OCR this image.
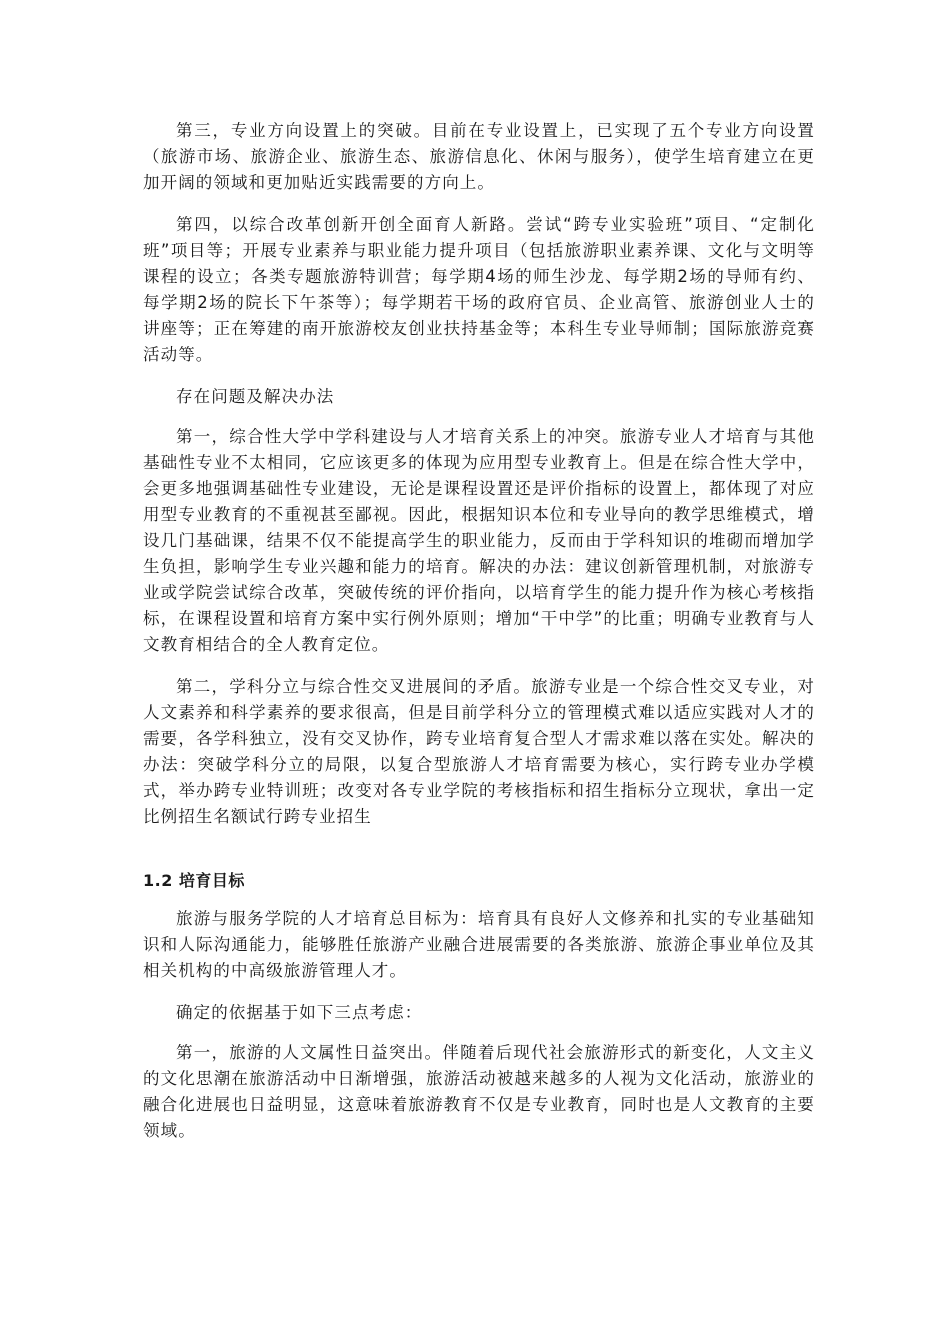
第三，专业方向设置上的突破。目前在专业设置上，已实现了五个专业方向设置（旅游市场、旅游企业、旅游生态、旅游信息化、休闲与服务），使学生培育建立在更加开阔的领域和更加贴近实践需要的方向上。

第四，以综合改革创新开创全面育人新路。尝试“跨专业实验班”项目、“定制化班”项目等；开展专业素养与职业能力提升项目（包括旅游职业素养课、文化与文明等课程的设立；各类专题旅游特训营；每学期4场的师生沙龙、每学期2场的导师有约、每学期2场的院长下午茶等）；每学期若干场的政府官员、企业高管、旅游创业人士的讲座等；正在筹建的南开旅游校友创业扶持基金等；本科生专业导师制；国际旅游竞赛活动等。

存在问题及解决办法

第一，综合性大学中学科建设与人才培育关系上的冲突。旅游专业人才培育与其他基础性专业不太相同，它应该更多的体现为应用型专业教育上。但是在综合性大学中，会更多地强调基础性专业建设，无论是课程设置还是评价指标的设置上，都体现了对应用型专业教育的不重视甚至鄙视。因此，根据知识本位和专业导向的教学思维模式，增设几门基础课，结果不仅不能提高学生的职业能力，反而由于学科知识的堆砌而增加学生负担，影响学生专业兴趣和能力的培育。解决的办法：建议创新管理机制，对旅游专业或学院尝试综合改革，突破传统的评价指向，以培育学生的能力提升作为核心考核指标，在课程设置和培育方案中实行例外原则；增加“干中学”的比重；明确专业教育与人文教育相结合的全人教育定位。

第二，学科分立与综合性交叉进展间的矛盾。旅游专业是一个综合性交叉专业，对人文素养和科学素养的要求很高，但是目前学科分立的管理模式难以适应实践对人才的需要，各学科独立，没有交叉协作，跨专业培育复合型人才需求难以落在实处。解决的办法：突破学科分立的局限，以复合型旅游人才培育需要为核心，实行跨专业办学模式，举办跨专业特训班；改变对各专业学院的考核指标和招生指标分立现状，拿出一定比例招生名额试行跨专业招生

1.2 培育目标

旅游与服务学院的人才培育总目标为：培育具有良好人文修养和扎实的专业基础知识和人际沟通能力，能够胜任旅游产业融合进展需要的各类旅游、旅游企事业单位及其相关机构的中高级旅游管理人才。

确定的依据基于如下三点考虑：

第一，旅游的人文属性日益突出。伴随着后现代社会旅游形式的新变化，人文主义的文化思潮在旅游活动中日渐增强，旅游活动被越来越多的人视为文化活动，旅游业的融合化进展也日益明显，这意味着旅游教育不仅是专业教育，同时也是人文教育的主要领域。
